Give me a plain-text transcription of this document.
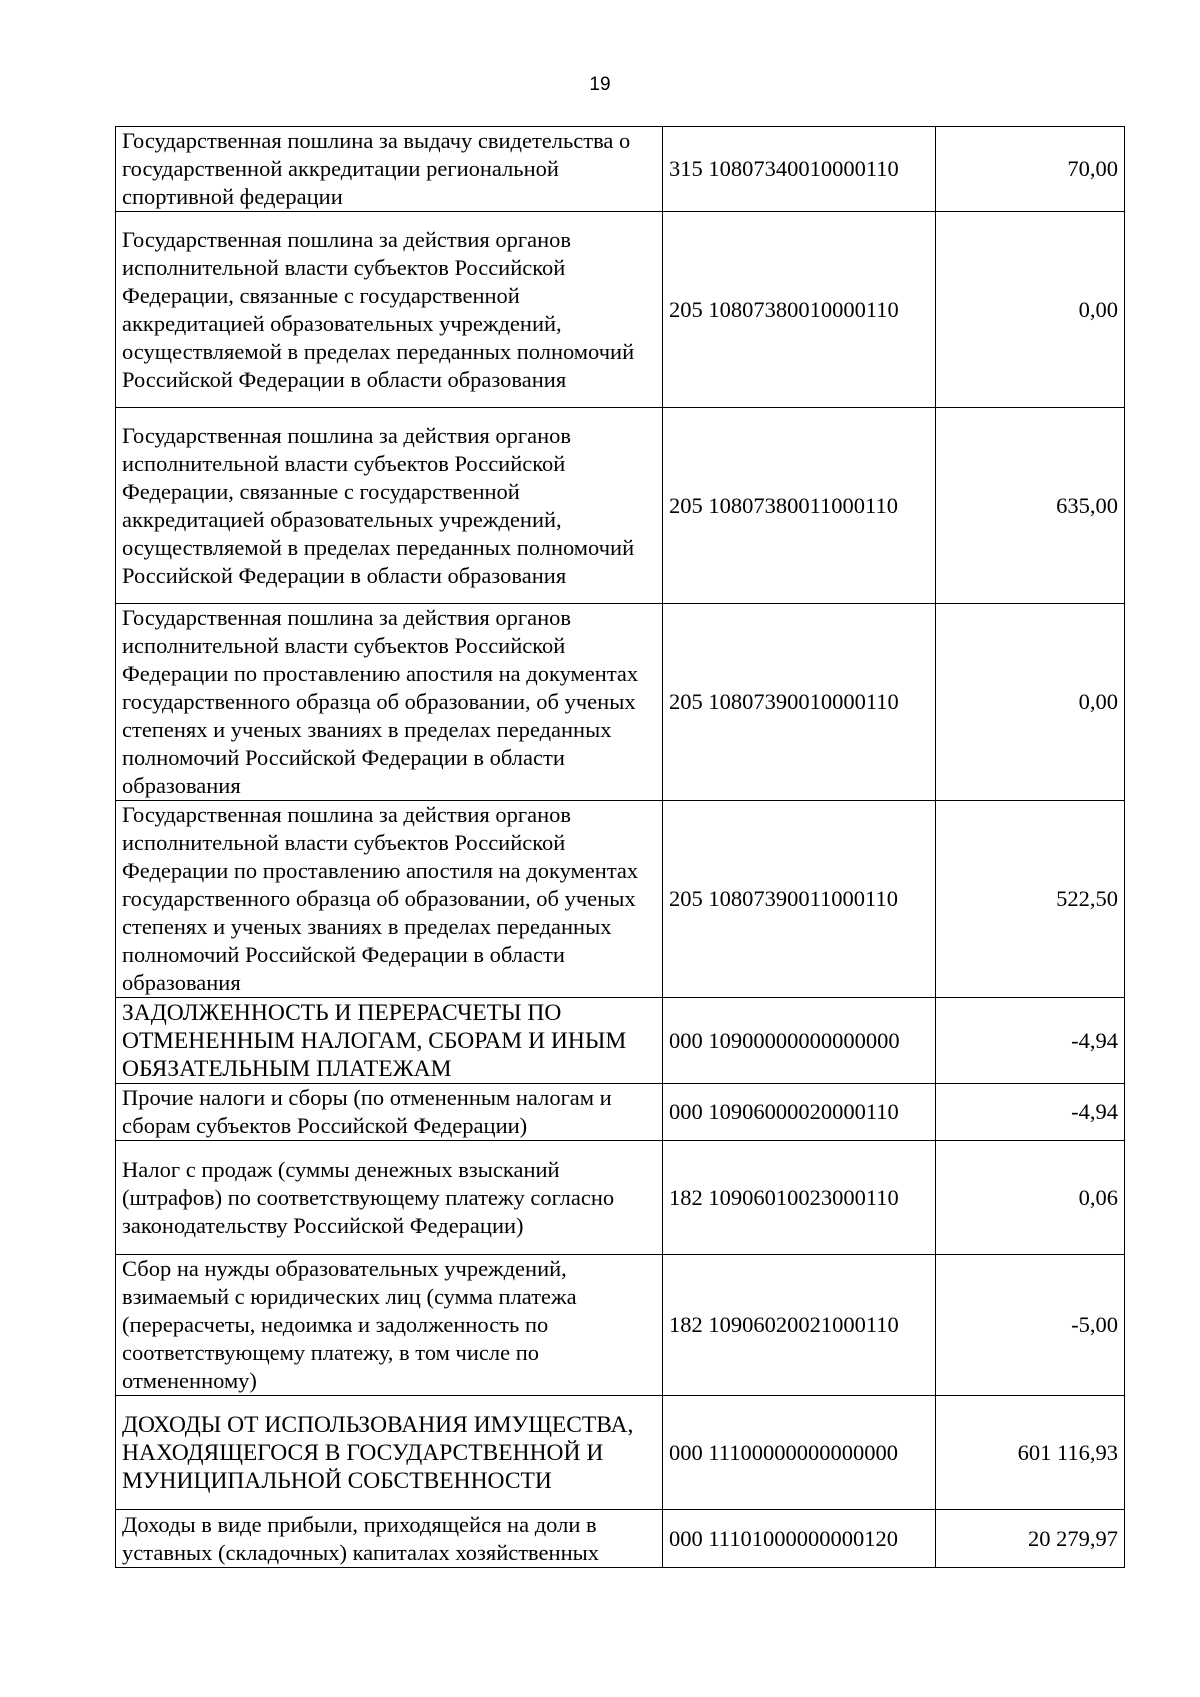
19
Государственная пошлина за выдачу свидетельства о государственной аккредитации региональной спортивной федерации	315 10807340010000110	70,00
Государственная пошлина за действия органов исполнительной власти субъектов Российской Федерации, связанные с государственной аккредитацией образовательных учреждений, осуществляемой в пределах переданных полномочий Российской Федерации в области образования	205 10807380010000110	0,00
Государственная пошлина за действия органов исполнительной власти субъектов Российской Федерации, связанные с государственной аккредитацией образовательных учреждений, осуществляемой в пределах переданных полномочий Российской Федерации в области образования	205 10807380011000110	635,00
Государственная пошлина за действия органов исполнительной власти субъектов Российской Федерации по проставлению апостиля на документах государственного образца об образовании, об ученых степенях и ученых званиях в пределах переданных полномочий Российской Федерации в области образования	205 10807390010000110	0,00
Государственная пошлина за действия органов исполнительной власти субъектов Российской Федерации по проставлению апостиля на документах государственного образца об образовании, об ученых степенях и ученых званиях в пределах переданных полномочий Российской Федерации в области образования	205 10807390011000110	522,50
ЗАДОЛЖЕННОСТЬ И ПЕРЕРАСЧЕТЫ ПО ОТМЕНЕННЫМ НАЛОГАМ, СБОРАМ И ИНЫМ ОБЯЗАТЕЛЬНЫМ ПЛАТЕЖАМ	000 10900000000000000	-4,94
Прочие налоги и сборы (по отмененным налогам и сборам субъектов Российской Федерации)	000 10906000020000110	-4,94
Налог с продаж (суммы денежных взысканий (штрафов) по соответствующему платежу согласно законодательству Российской Федерации)	182 10906010023000110	0,06
Сбор на нужды образовательных учреждений, взимаемый с юридических лиц (сумма платежа (перерасчеты, недоимка и задолженность по соответствующему платежу, в том числе по отмененному)	182 10906020021000110	-5,00
ДОХОДЫ ОТ ИСПОЛЬЗОВАНИЯ ИМУЩЕСТВА, НАХОДЯЩЕГОСЯ В ГОСУДАРСТВЕННОЙ И МУНИЦИПАЛЬНОЙ СОБСТВЕННОСТИ	000 11100000000000000	601 116,93
Доходы в виде прибыли, приходящейся на доли в уставных (складочных) капиталах хозяйственных	000 11101000000000120	20 279,97
